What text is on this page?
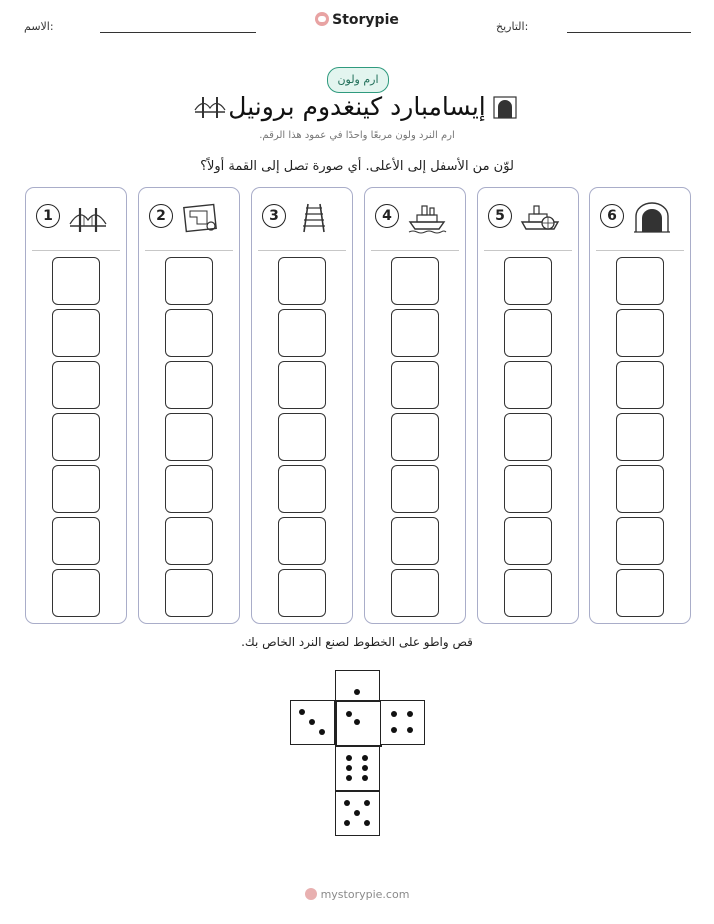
الاسم:	Storypie	التاريخ:
ارم ولون
إيسامبارد كينغدوم برونيل
ارم النرد ولون مربعًا واحدًا في عمود هذا الرقم.
لوّن من الأسفل إلى الأعلى. أي صورة تصل إلى القمة أولاً؟
1	2	3	4	5	6
قص واطو على الخطوط لصنع النرد الخاص بك.
mystorypie.com
